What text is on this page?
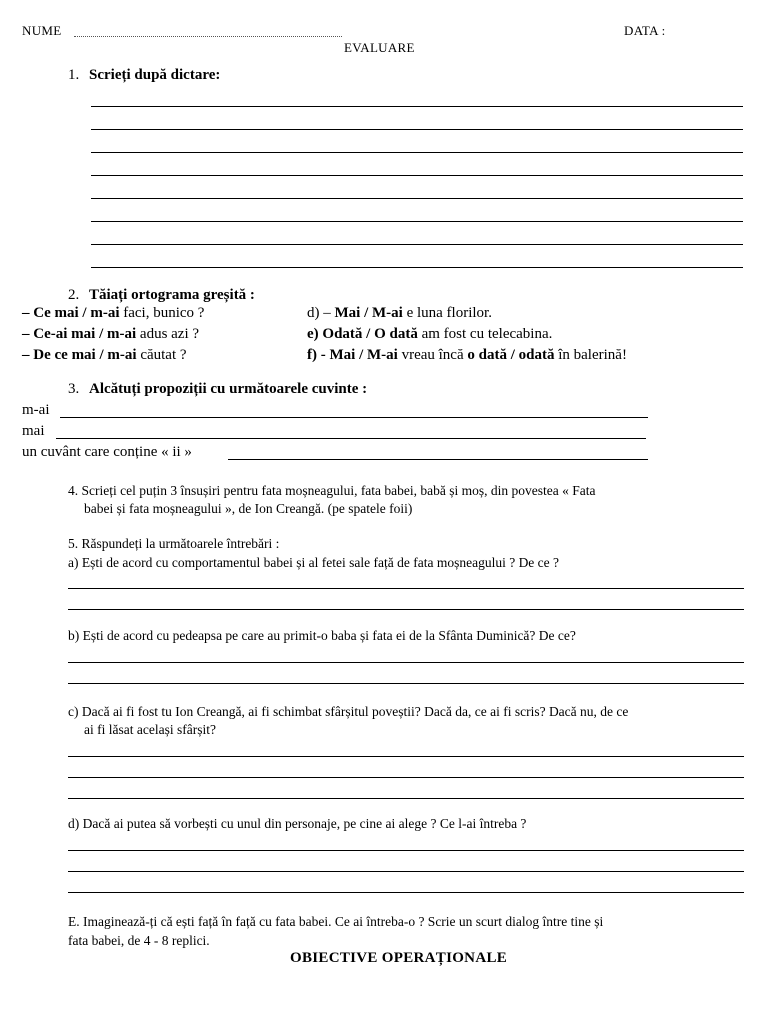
NUME	DATA :
EVALUARE
1. Scrieți după dictare:
2. Tăiați ortograma greșită :
– Ce mai / m-ai faci, bunico ?
– Ce-ai mai / m-ai adus azi ?
– De ce mai / m-ai căutat ?
d) – Mai / M-ai e luna florilor.
e) Odată / O dată am fost cu telecabina.
f) - Mai / M-ai vreau încă o dată / odată în balerină!
3. Alcătuți propoziții cu următoarele cuvinte :
m-ai
mai
un cuvânt care conține « ii »
4. Scrieți cel puțin 3 însușiri pentru fata moșneagului, fata babei, babă și moș, din povestea « Fata
babei și fata moșneagului », de Ion Creangă. (pe spatele foii)
5. Răspundeți la următoarele întrebări :
a) Ești de acord cu comportamentul babei și al fetei sale față de fata moșneagului ? De ce ?
b) Ești de acord cu pedeapsa pe care au primit-o baba și fata ei de la Sfânta Duminică? De ce?
c) Dacă ai fi fost tu Ion Creangă, ai fi schimbat sfârșitul poveștii? Dacă da, ce ai fi scris? Dacă nu, de ce
ai fi lăsat același sfârșit?
d) Dacă ai putea să vorbești cu unul din personaje, pe cine ai alege ? Ce l-ai întreba ?
E. Imaginează-ți că ești față în față cu fata babei. Ce ai întreba-o ? Scrie un scurt dialog între tine și
fata babei, de 4 - 8 replici.
OBIECTIVE OPERAȚIONALE
